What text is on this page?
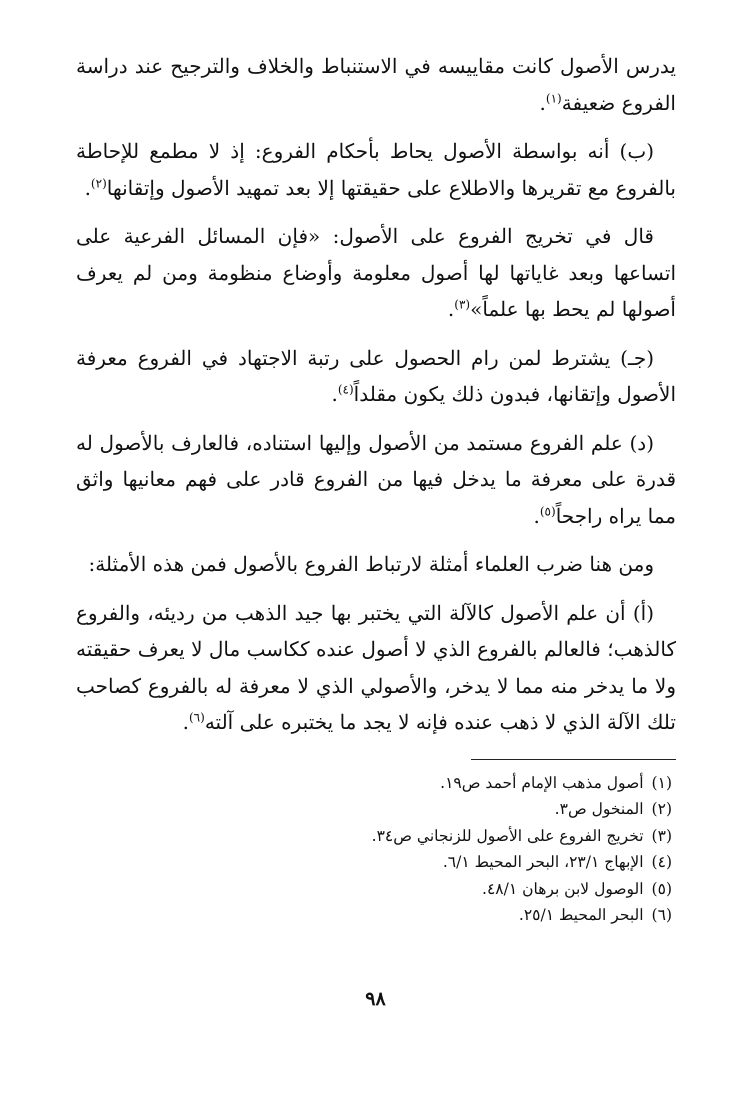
يدرس الأصول كانت مقاييسه في الاستنباط والخلاف والترجيح عند دراسة الفروع ضعيفة$^{(١)}$.

(ب) أنه بواسطة الأصول يحاط بأحكام الفروع: إذ لا مطمع للإحاطة بالفروع مع تقريرها والاطلاع على حقيقتها إلا بعد تمهيد الأصول وإتقانها$^{(٢)}$.

قال في تخريج الفروع على الأصول: «فإن المسائل الفرعية على اتساعها وبعد غاياتها لها أصول معلومة وأوضاع منظومة ومن لم يعرف أصولها لم يحط بها علماً»$^{(٣)}$.

(جـ) يشترط لمن رام الحصول على رتبة الاجتهاد في الفروع معرفة الأصول وإتقانها، فبدون ذلك يكون مقلداً$^{(٤)}$.

(د) علم الفروع مستمد من الأصول وإليها استناده، فالعارف بالأصول له قدرة على معرفة ما يدخل فيها من الفروع قادر على فهم معانيها واثق مما يراه راجحاً$^{(٥)}$.

ومن هنا ضرب العلماء أمثلة لارتباط الفروع بالأصول فمن هذه الأمثلة:

(أ) أن علم الأصول كالآلة التي يختبر بها جيد الذهب من رديئه، والفروع كالذهب؛ فالعالم بالفروع الذي لا أصول عنده ككاسب مال لا يعرف حقيقته ولا ما يدخر منه مما لا يدخر، والأصولي الذي لا معرفة له بالفروع كصاحب تلك الآلة الذي لا ذهب عنده فإنه لا يجد ما يختبره على آلته$^{(٦)}$.

(١)أصول مذهب الإمام أحمد ص١٩.
(٢)المنخول ص٣.
(٣)تخريج الفروع على الأصول للزنجاني ص٣٤.
(٤)الإبهاج ٢٣/١، البحر المحيط ٦/١.
(٥)الوصول لابن برهان ٤٨/١.
(٦)البحر المحيط ٢٥/١.
٩٨
